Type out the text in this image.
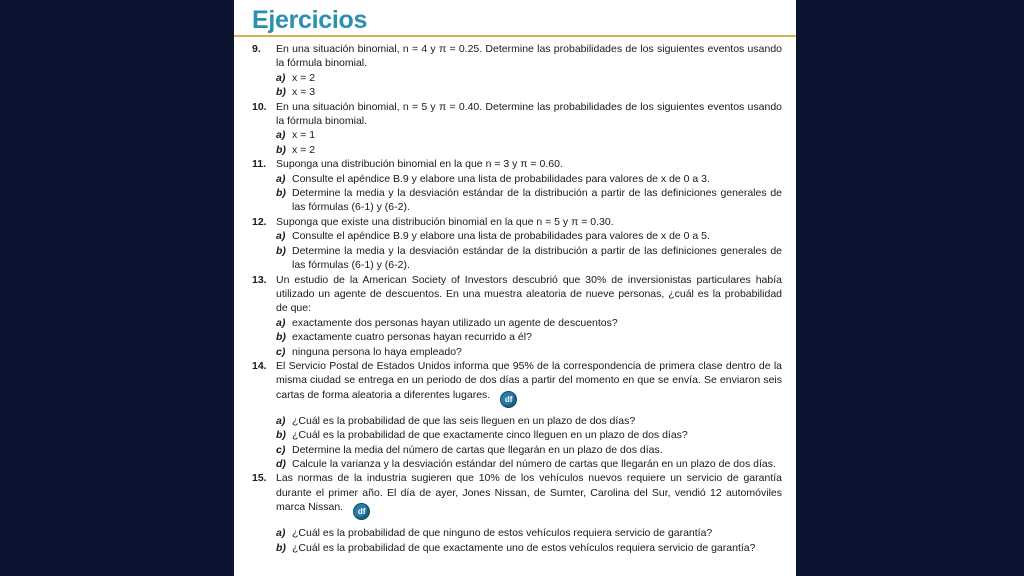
Ejercicios
9.	En una situación binomial, n = 4 y π = 0.25. Determine las probabilidades de los siguientes eventos usando la fórmula binomial.
a) x = 2
b) x = 3
10. En una situación binomial, n = 5 y π = 0.40. Determine las probabilidades de los siguientes eventos usando la fórmula binomial.
a) x = 1
b) x = 2
11. Suponga una distribución binomial en la que n = 3 y π = 0.60.
a) Consulte el apéndice B.9 y elabore una lista de probabilidades para valores de x de 0 a 3.
b) Determine la media y la desviación estándar de la distribución a partir de las definiciones generales de las fórmulas (6-1) y (6-2).
12. Suponga que existe una distribución binomial en la que n = 5 y π = 0.30.
a) Consulte el apéndice B.9 y elabore una lista de probabilidades para valores de x de 0 a 5.
b) Determine la media y la desviación estándar de la distribución a partir de las definiciones generales de las fórmulas (6-1) y (6-2).
13. Un estudio de la American Society of Investors descubrió que 30% de inversionistas particulares había utilizado un agente de descuentos. En una muestra aleatoria de nueve personas, ¿cuál es la probabilidad de que:
a) exactamente dos personas hayan utilizado un agente de descuentos?
b) exactamente cuatro personas hayan recurrido a él?
c) ninguna persona lo haya empleado?
14. El Servicio Postal de Estados Unidos informa que 95% de la correspondencia de primera clase dentro de la misma ciudad se entrega en un periodo de dos días a partir del momento en que se envía. Se enviaron seis cartas de forma aleatoria a diferentes lugares. df
a) ¿Cuál es la probabilidad de que las seis lleguen en un plazo de dos días?
b) ¿Cuál es la probabilidad de que exactamente cinco lleguen en un plazo de dos días?
c) Determine la media del número de cartas que llegarán en un plazo de dos días.
d) Calcule la varianza y la desviación estándar del número de cartas que llegarán en un plazo de dos días.
15. Las normas de la industria sugieren que 10% de los vehículos nuevos requiere un servicio de garantía durante el primer año. El día de ayer, Jones Nissan, de Sumter, Carolina del Sur, vendió 12 automóviles marca Nissan. df
a) ¿Cuál es la probabilidad de que ninguno de estos vehículos requiera servicio de garantía?
b) ¿Cuál es la probabilidad de que exactamente uno de estos vehículos requiera servicio de garantía?
